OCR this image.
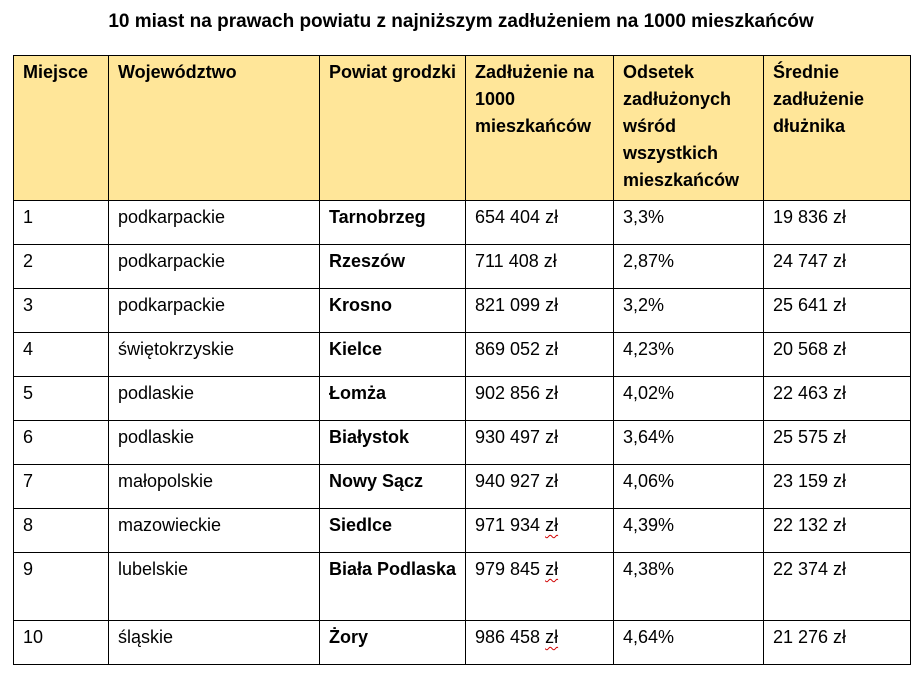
10 miast na prawach powiatu z najniższym zadłużeniem na 1000 mieszkańców
Miejsce	Województwo	Powiat grodzki	Zadłużenie na 1000 mieszkańców	Odsetek zadłużonych wśród wszystkich mieszkańców	Średnie zadłużenie dłużnika
1	podkarpackie	Tarnobrzeg	654 404 zł	3,3%	19 836 zł
2	podkarpackie	Rzeszów	711 408 zł	2,87%	24 747 zł
3	podkarpackie	Krosno	821 099 zł	3,2%	25 641 zł
4	świętokrzyskie	Kielce	869 052 zł	4,23%	20 568 zł
5	podlaskie	Łomża	902 856 zł	4,02%	22 463 zł
6	podlaskie	Białystok	930 497 zł	3,64%	25 575 zł
7	małopolskie	Nowy Sącz	940 927 zł	4,06%	23 159 zł
8	mazowieckie	Siedlce	971 934 zł	4,39%	22 132 zł
9	lubelskie	Biała Podlaska	979 845 zł	4,38%	22 374 zł
10	śląskie	Żory	986 458 zł	4,64%	21 276 zł
